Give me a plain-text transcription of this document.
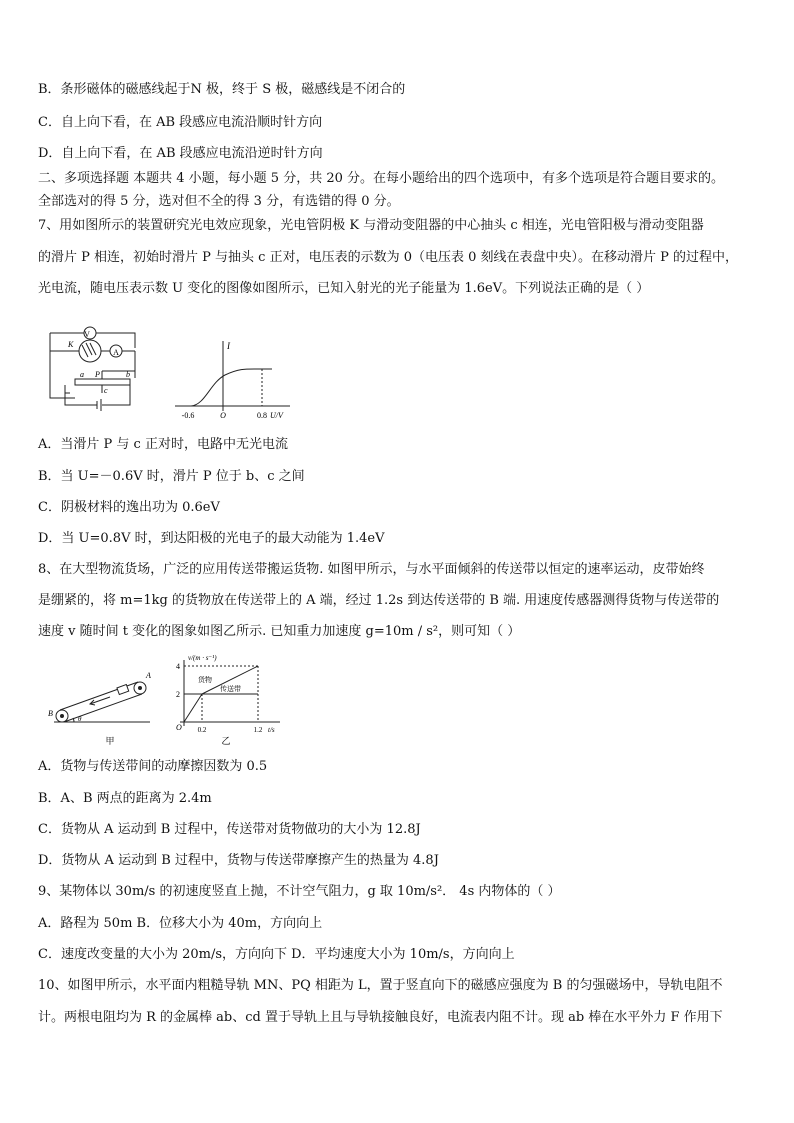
B．条形磁体的磁感线起于N 极，终于 S 极，磁感线是不闭合的
C．自上向下看，在 AB 段感应电流沿顺时针方向
D．自上向下看，在 AB 段感应电流沿逆时针方向
二、多项选择题 本题共 4 小题，每小题 5 分，共 20 分。在每小题给出的四个选项中，有多个选项是符合题目要求的。
全部选对的得 5 分，选对但不全的得 3 分，有选错的得 0 分。
7、用如图所示的装置研究光电效应现象，光电管阴极 K 与滑动变阻器的中心抽头 c 相连，光电管阳极与滑动变阻器
的滑片 P 相连，初始时滑片 P 与抽头 c 正对，电压表的示数为 0（电压表 0 刻线在表盘中央）。在移动滑片 P 的过程中，
光电流，随电压表示数 U 变化的图像如图所示，已知入射光的光子能量为 1.6eV。下列说法正确的是（ ）
V
A
K
a P	b
c
I
U/V
O
-0.6	0.8
A．当滑片 P 与 c 正对时，电路中无光电流
B．当 U=－0.6V 时，滑片 P 位于 b、c 之间
C．阴极材料的逸出功为 0.6eV
D．当 U=0.8V 时，到达阳极的光电子的最大动能为 1.4eV
8、在大型物流货场，广泛的应用传送带搬运货物. 如图甲所示，与水平面倾斜的传送带以恒定的速率运动，皮带始终
是绷紧的，将 m=1kg 的货物放在传送带上的 A 端，经过 1.2s 到达传送带的 B 端. 用速度传感器测得货物与传送带的
速度 v 随时间 t 变化的图象如图乙所示. 已知重力加速度 g=10m / s²，则可知（ ）
B
A
θ
甲
v/(m · s⁻¹)
t/s
O
4
2
0.2	1.2
货物
传送带
乙
A．货物与传送带间的动摩擦因数为 0.5
B．A、B 两点的距离为 2.4m
C．货物从 A 运动到 B 过程中，传送带对货物做功的大小为 12.8J
D．货物从 A 运动到 B 过程中，货物与传送带摩擦产生的热量为 4.8J
9、某物体以 30m/s 的初速度竖直上抛，不计空气阻力，g 取 10m/s²． 4s 内物体的（ ）
A．路程为 50m B．位移大小为 40m，方向向上
C．速度改变量的大小为 20m/s，方向向下 D．平均速度大小为 10m/s，方向向上
10、如图甲所示，水平面内粗糙导轨 MN、PQ 相距为 L，置于竖直向下的磁感应强度为 B 的匀强磁场中，导轨电阻不
计。两根电阻均为 R 的金属棒 ab、cd 置于导轨上且与导轨接触良好，电流表内阻不计。现 ab 棒在水平外力 F 作用下
